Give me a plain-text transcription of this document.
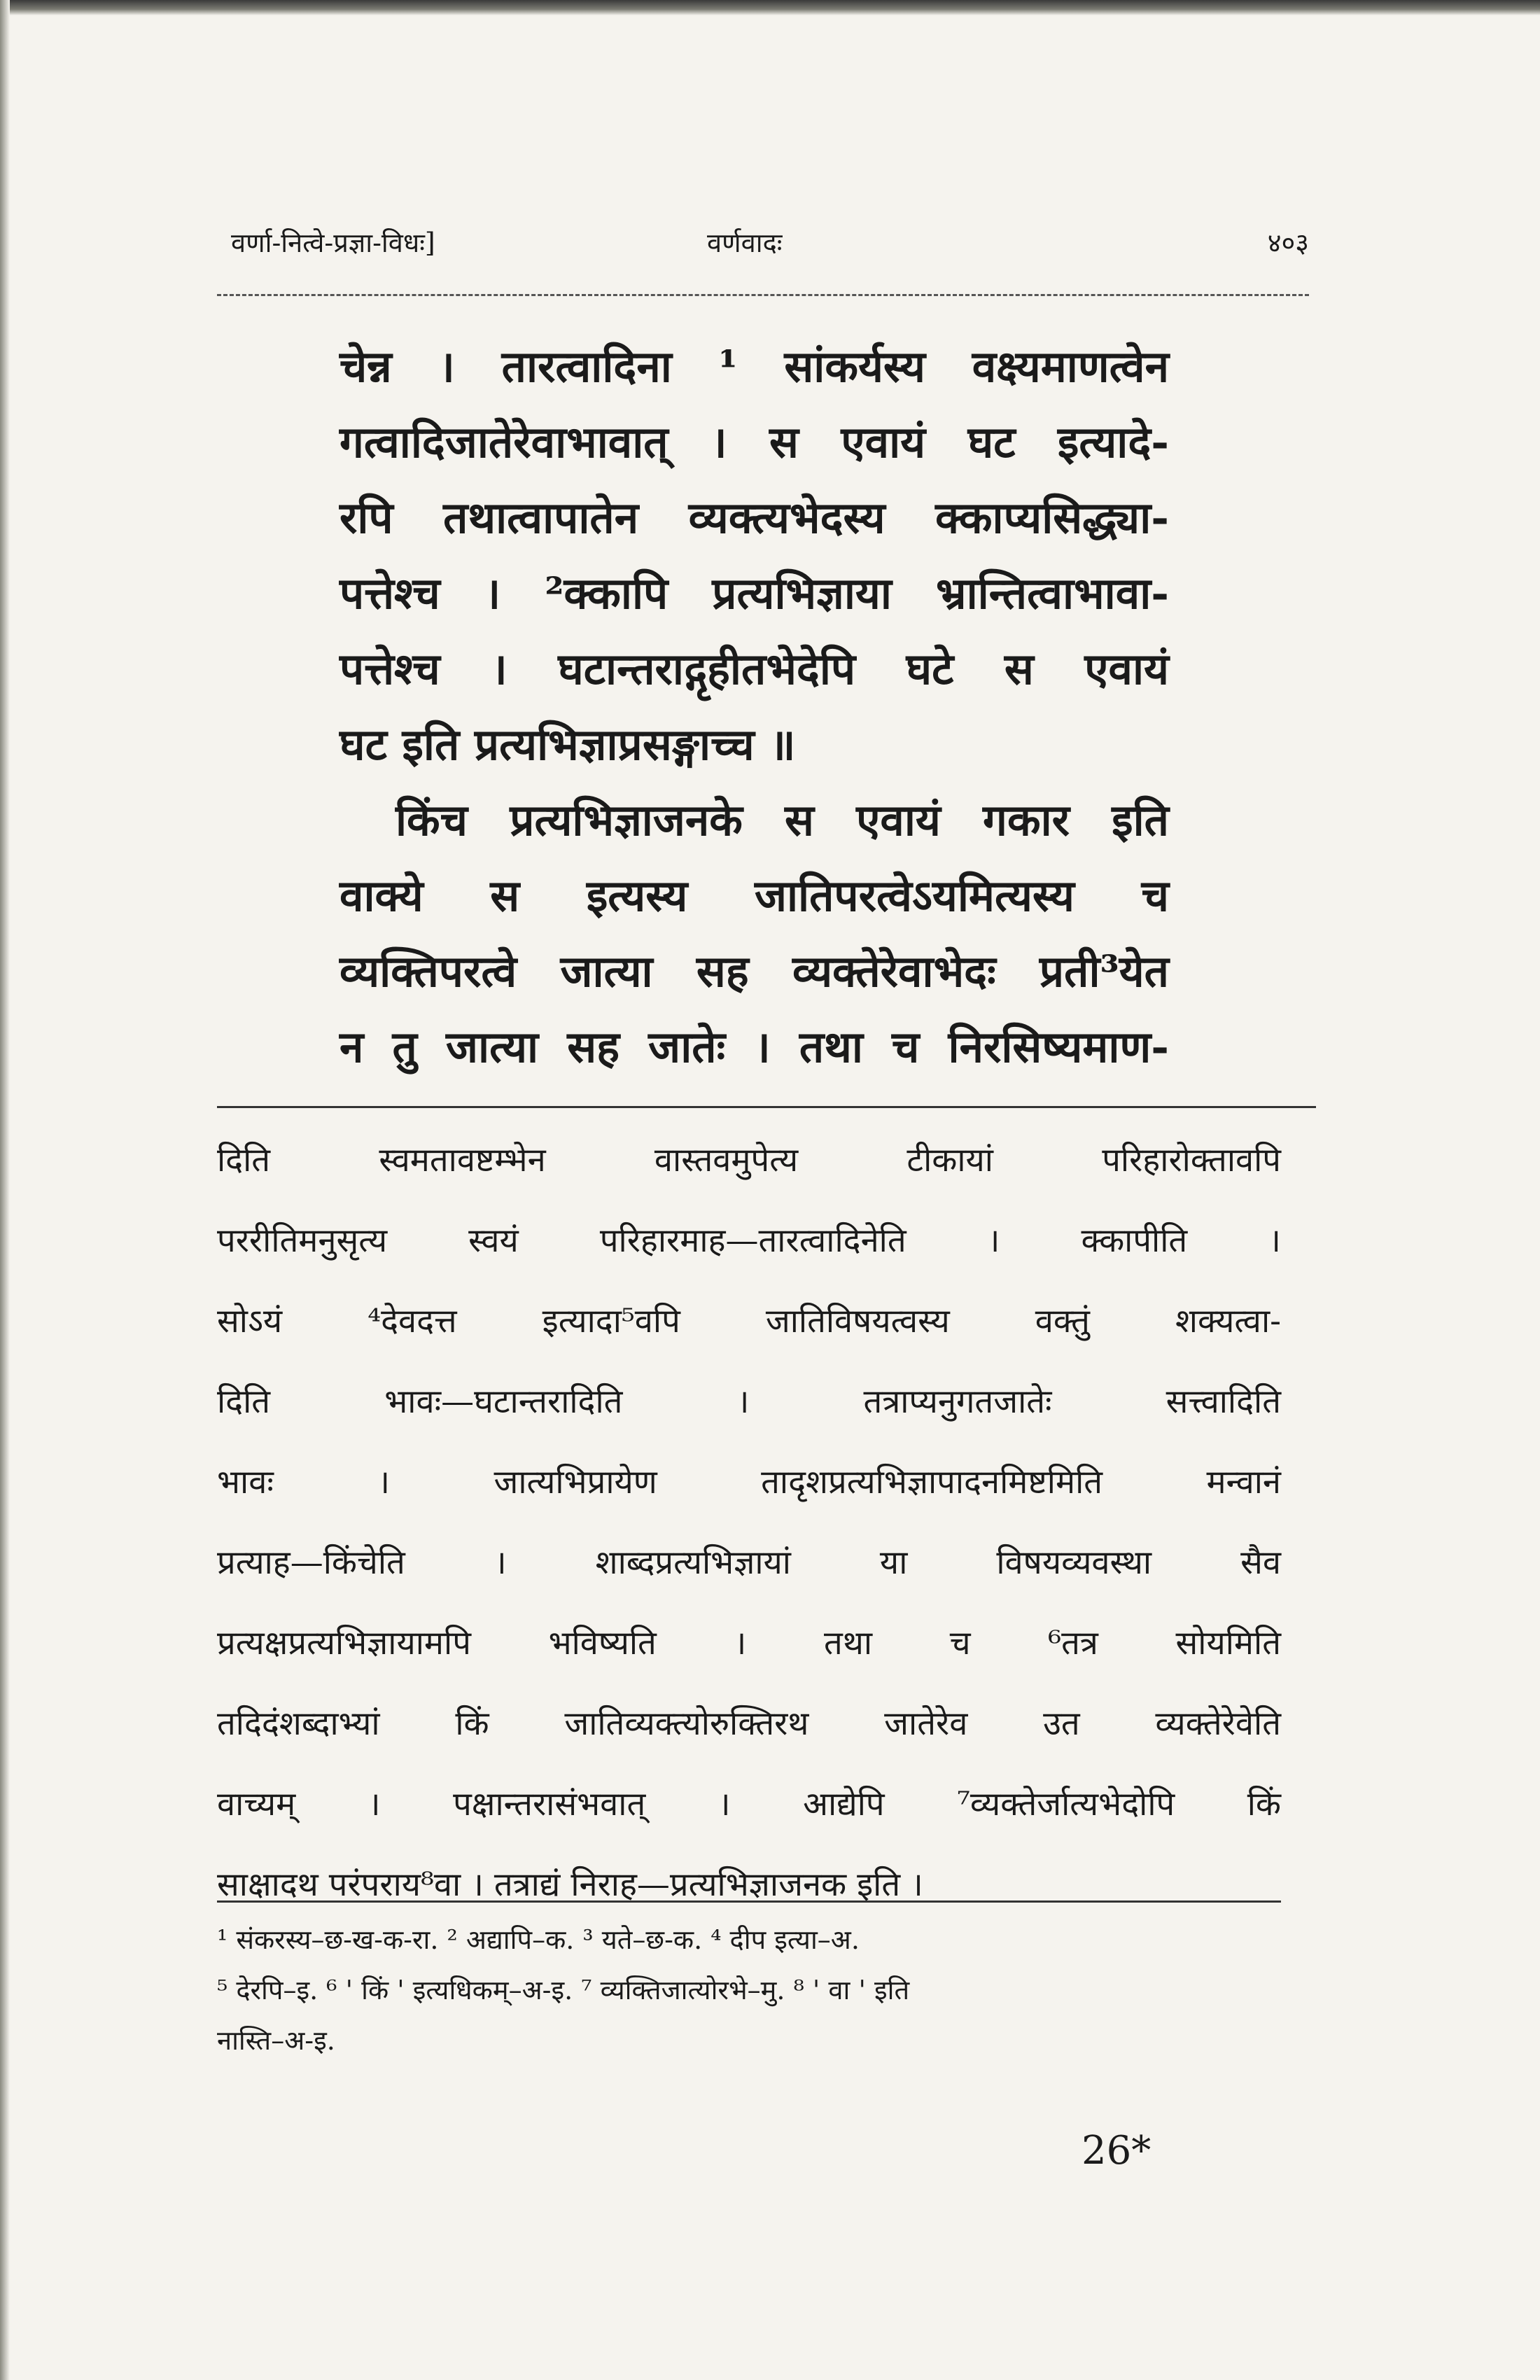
वर्णा-नित्वे-प्रज्ञा-विधः]	वर्णवादः	४०३

चेन्न । तारत्वादिना ¹ सांकर्यस्य वक्ष्यमाणत्वेन

गत्वादिजातेरेवाभावात् । स एवायं घट इत्यादे-

रपि तथात्वापातेन व्यक्त्यभेदस्य क्काप्यसिद्ध्या-

पत्तेश्च । ²क्कापि प्रत्यभिज्ञाया भ्रान्तित्वाभावा-

पत्तेश्च । घटान्तराद्गृहीतभेदेपि घटे स एवायं

घट इति प्रत्यभिज्ञाप्रसङ्गाच्च ॥

किंच प्रत्यभिज्ञाजनके स एवायं गकार इति

वाक्ये स इत्यस्य जातिपरत्वेऽयमित्यस्य च

व्यक्तिपरत्वे जात्या सह व्यक्तेरेवाभेदः प्रती³येत

न तु जात्या सह जातेः । तथा च निरसिष्यमाण-

दिति स्वमतावष्टम्भेन वास्तवमुपेत्य टीकायां परिहारोक्तावपि

पररीतिमनुसृत्य स्वयं परिहारमाह—तारत्वादिनेति । क्कापीति ।

सोऽयं ⁴देवदत्त इत्यादा⁵वपि जातिविषयत्वस्य वक्तुं शक्यत्वा-

दिति भावः—घटान्तरादिति । तत्राप्यनुगतजातेः सत्त्वादिति

भावः । जात्यभिप्रायेण तादृशप्रत्यभिज्ञापादनमिष्टमिति मन्वानं

प्रत्याह—किंचेति । शाब्दप्रत्यभिज्ञायां या विषयव्यवस्था सैव

प्रत्यक्षप्रत्यभिज्ञायामपि भविष्यति । तथा च ⁶तत्र सोयमिति

तदिदंशब्दाभ्यां किं जातिव्यक्त्योरुक्तिरथ जातेरेव उत व्यक्तेरेवेति

वाच्यम् । पक्षान्तरासंभवात् । आद्येपि ⁷व्यक्तेर्जात्यभेदोपि किं

साक्षादथ परंपराय⁸वा । तत्राद्यं निराह—प्रत्यभिज्ञाजनक इति ।

¹ संकरस्य–छ-ख-क-रा. ² अद्यापि–क. ³ यते–छ-क. ⁴ दीप इत्या–अ.

⁵ देरपि–इ. ⁶ ' किं ' इत्यधिकम्–अ-इ. ⁷ व्यक्तिजात्योरभे–मु. ⁸ ' वा ' इति

नास्ति–अ-इ.

26*
